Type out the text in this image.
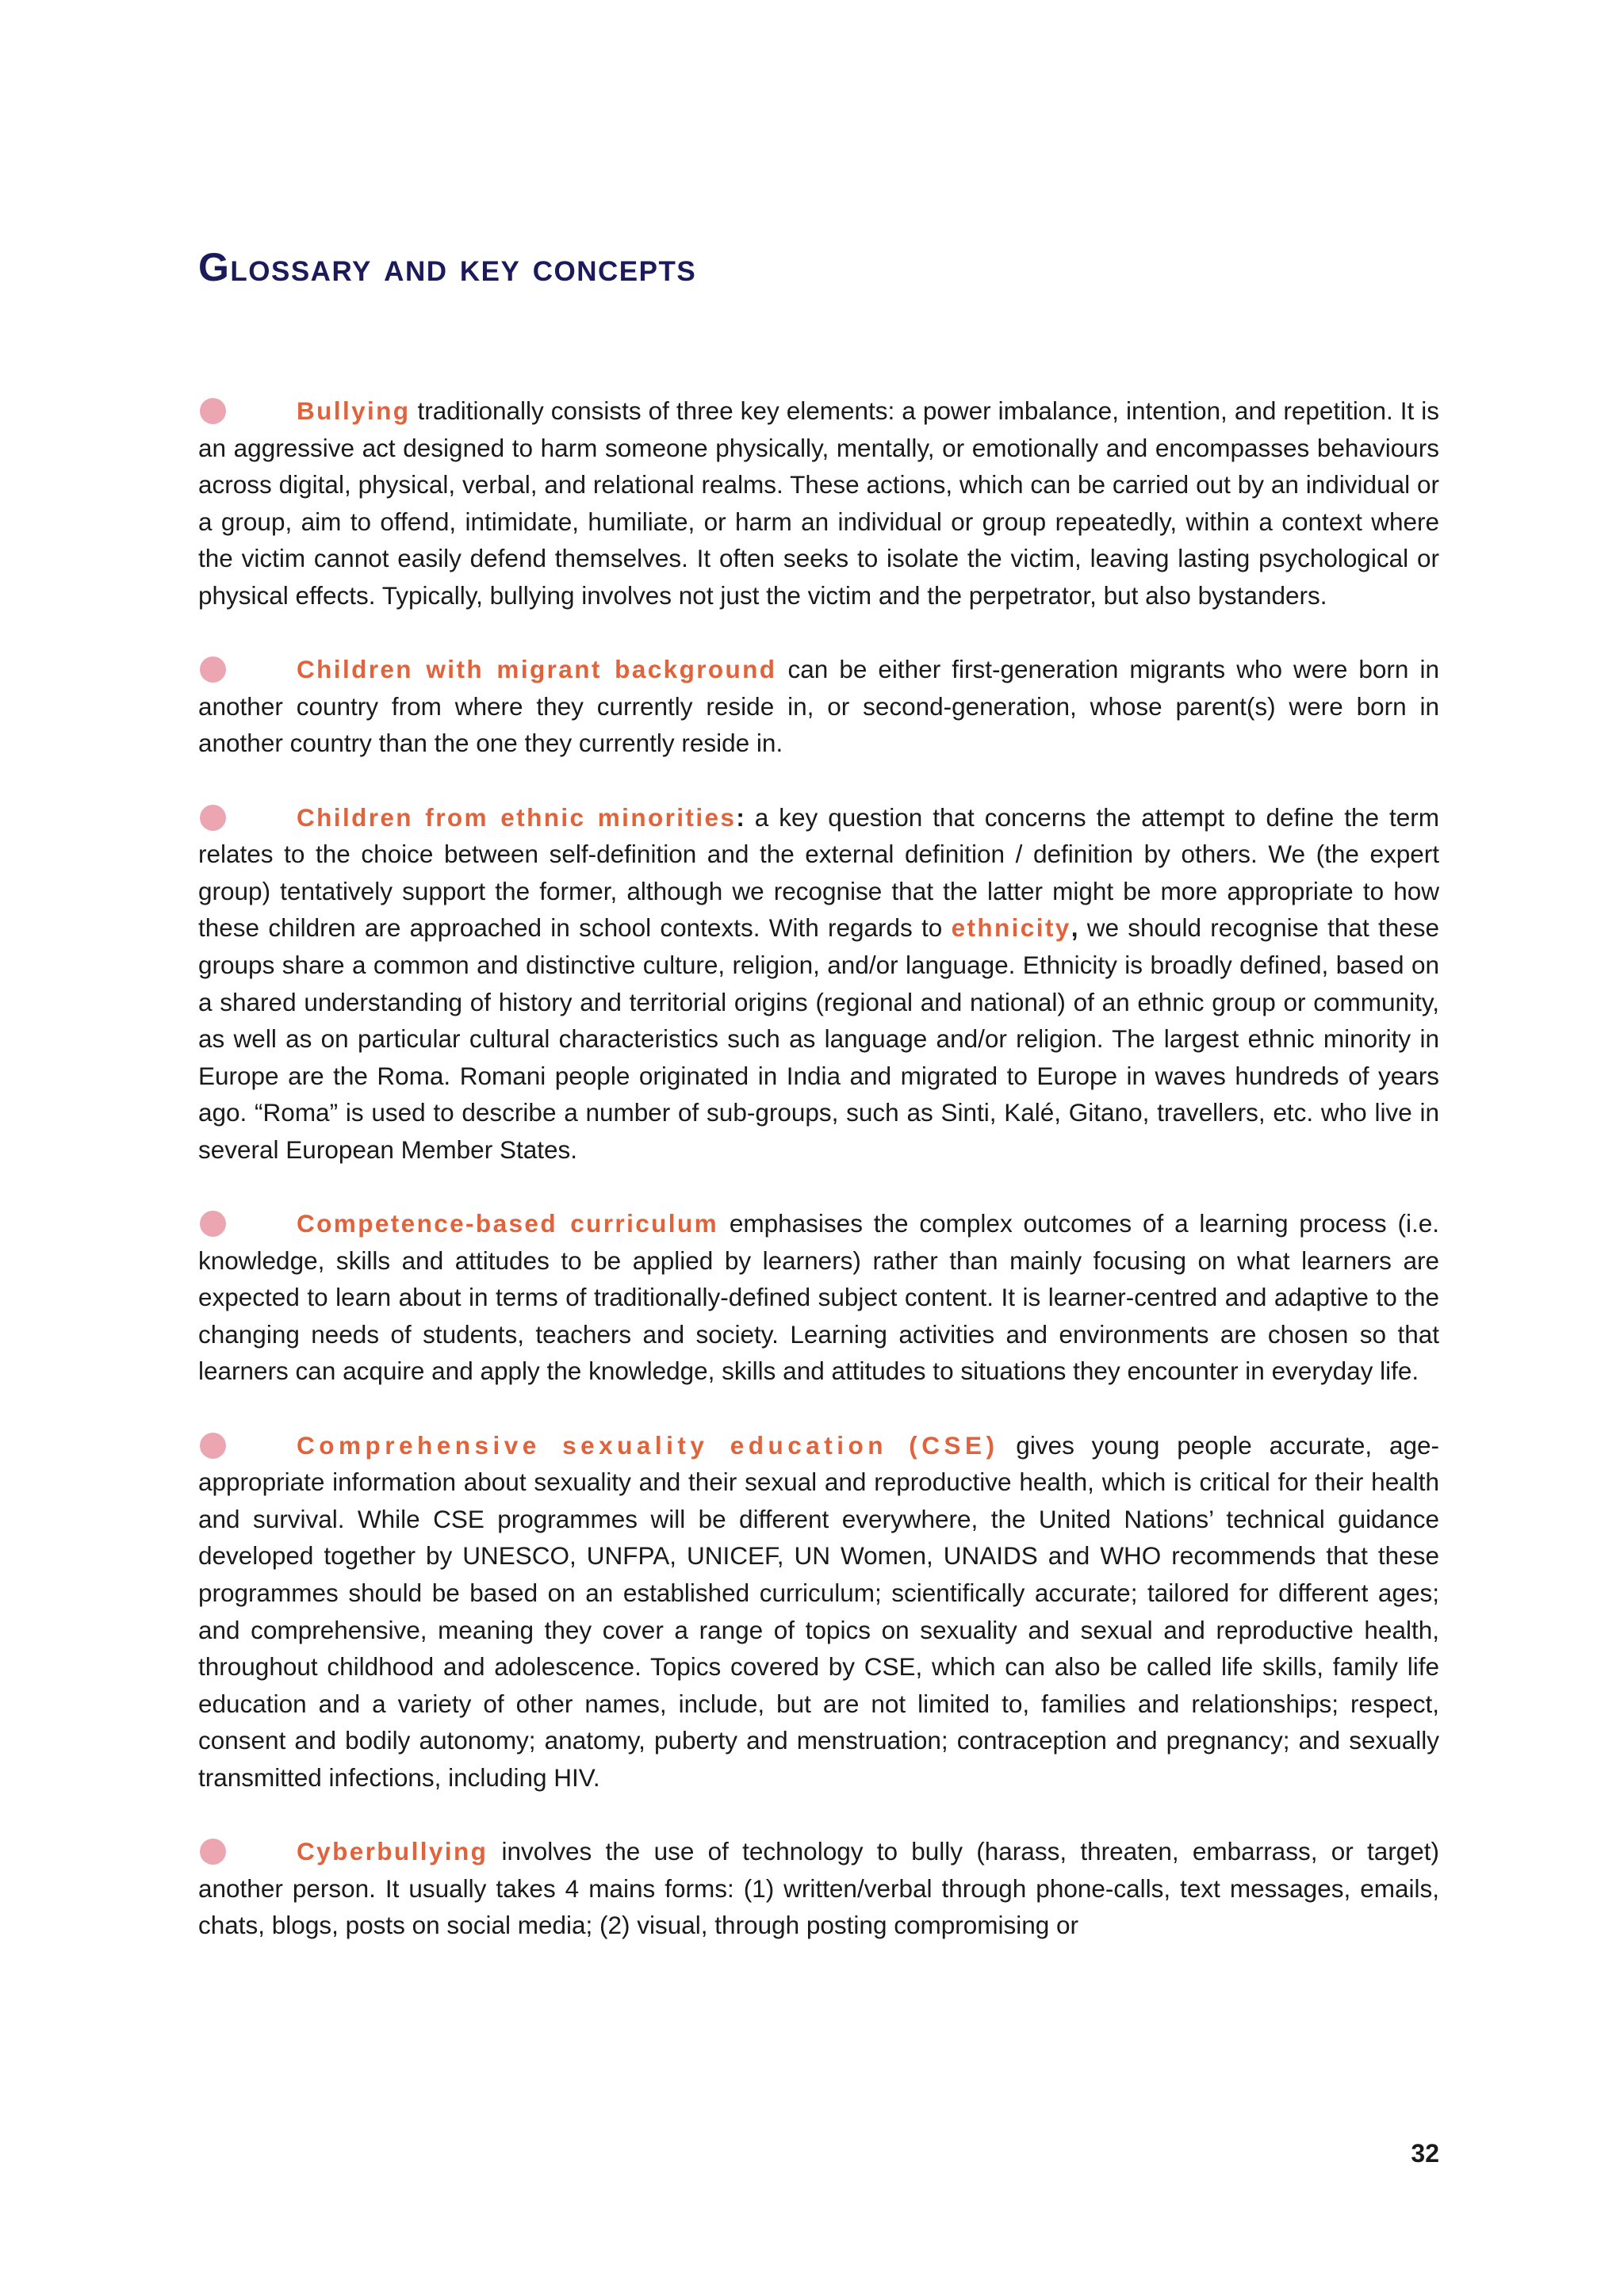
Glossary and key concepts

Bullying traditionally consists of three key elements: a power imbalance, intention, and repetition. It is an aggressive act designed to harm someone physically, mentally, or emotionally and encompasses behaviours across digital, physical, verbal, and relational realms. These actions, which can be carried out by an individual or a group, aim to offend, intimidate, humiliate, or harm an individual or group repeatedly, within a context where the victim cannot easily defend themselves. It often seeks to isolate the victim, leaving lasting psychological or physical effects. Typically, bullying involves not just the victim and the perpetrator, but also bystanders.

Children with migrant background can be either first-generation migrants who were born in another country from where they currently reside in, or second-generation, whose parent(s) were born in another country than the one they currently reside in.

Children from ethnic minorities: a key question that concerns the attempt to define the term relates to the choice between self-definition and the external definition / definition by others. We (the expert group) tentatively support the former, although we recognise that the latter might be more appropriate to how these children are approached in school contexts. With regards to ethnicity, we should recognise that these groups share a common and distinctive culture, religion, and/or language. Ethnicity is broadly defined, based on a shared understanding of history and territorial origins (regional and national) of an ethnic group or community, as well as on particular cultural characteristics such as language and/or religion. The largest ethnic minority in Europe are the Roma. Romani people originated in India and migrated to Europe in waves hundreds of years ago. “Roma” is used to describe a number of sub-groups, such as Sinti, Kalé, Gitano, travellers, etc. who live in several European Member States.

Competence-based curriculum emphasises the complex outcomes of a learning process (i.e. knowledge, skills and attitudes to be applied by learners) rather than mainly focusing on what learners are expected to learn about in terms of traditionally-defined subject content. It is learner-centred and adaptive to the changing needs of students, teachers and society. Learning activities and environments are chosen so that learners can acquire and apply the knowledge, skills and attitudes to situations they encounter in everyday life.

Comprehensive sexuality education (CSE) gives young people accurate, age-appropriate information about sexuality and their sexual and reproductive health, which is critical for their health and survival. While CSE programmes will be different everywhere, the United Nations’ technical guidance developed together by UNESCO, UNFPA, UNICEF, UN Women, UNAIDS and WHO recommends that these programmes should be based on an established curriculum; scientifically accurate; tailored for different ages; and comprehensive, meaning they cover a range of topics on sexuality and sexual and reproductive health, throughout childhood and adolescence. Topics covered by CSE, which can also be called life skills, family life education and a variety of other names, include, but are not limited to, families and relationships; respect, consent and bodily autonomy; anatomy, puberty and menstruation; contraception and pregnancy; and sexually transmitted infections, including HIV.

Cyberbullying involves the use of technology to bully (harass, threaten, embarrass, or target) another person. It usually takes 4 mains forms: (1) written/verbal through phone-calls, text messages, emails, chats, blogs, posts on social media; (2) visual, through posting compromising or

32
